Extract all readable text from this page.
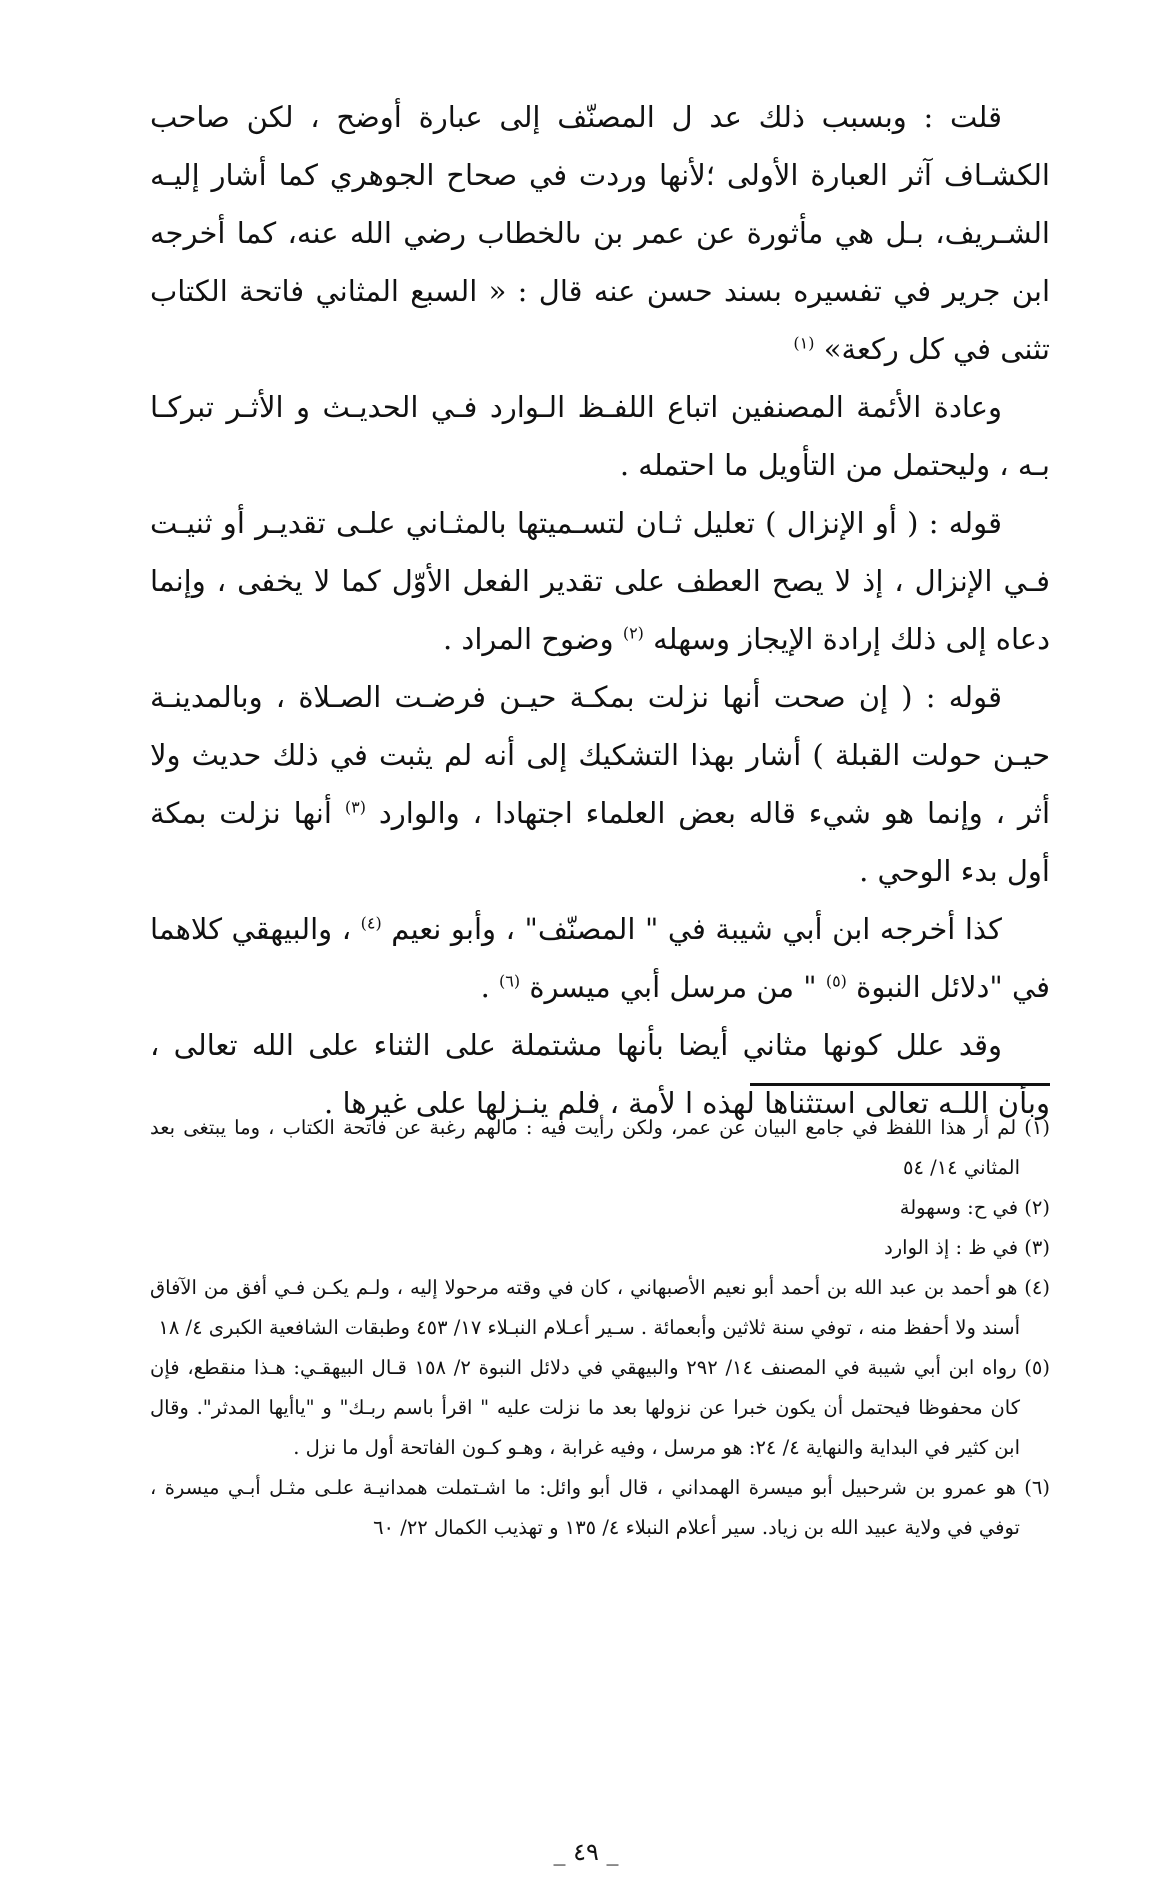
قلت : وبسبب ذلك عد ل المصنّف إلى عبارة أوضح ، لكن صاحب الكشـاف آثر العبارة الأولى ؛لأنها وردت في صحاح الجوهري كما أشار إليـه الشـريف، بـل هي مأثورة عن عمر بن ىالخطاب رضي الله عنه، كما أخرجه ابن جرير في تفسيره بسند حسن عنه قال : « السبع المثاني فاتحة الكتاب تثنى في كل ركعة» $^{(١)}$

وعادة الأئمة المصنفين اتباع اللفـظ الـوارد فـي الحديـث و الأثـر تبركـا بـه ، وليحتمل من التأويل ما احتمله .

قوله : ( أو الإنزال ) تعليل ثـان لتسـميتها بالمثـاني علـى تقديـر أو ثنيـت فـي الإنزال ، إذ لا يصح العطف على تقدير الفعل الأوّل كما لا يخفى ، وإنما دعاه إلى ذلك إرادة الإيجاز وسهله $^{(٢)}$ وضوح المراد .

قوله : ( إن صحت أنها نزلت بمكـة حيـن فرضـت الصـلاة ، وبالمدينـة حيـن حولت القبلة ) أشار بهذا التشكيك إلى أنه لم يثبت في ذلك حديث ولا أثر ، وإنما هو شيء قاله بعض العلماء اجتهادا ، والوارد $^{(٣)}$ أنها نزلت بمكة أول بدء الوحي .

كذا أخرجه ابن أبي شيبة في " المصنّف" ، وأبو نعيم $^{(٤)}$ ، والبيهقي كلاهما في "دلائل النبوة $^{(٥)}$ " من مرسل أبي ميسرة $^{(٦)}$ .

وقد علل كونها مثاني أيضا بأنها مشتملة على الثناء على الله تعالى ، وبأن اللـه تعالى استثناها لهذه ا لأمة ، فلم ينـزلها على غيرها .

(١) لم أر هذا اللفظ في جامع البيان عن عمر، ولكن رأيت فيه : مالهم رغبة عن فاتحة الكتاب ، وما يبتغى بعد المثاني ١٤/ ٥٤

(٢) في ح: وسهولة

(٣) في ظ : إذ الوارد

(٤) هو أحمد بن عبد الله بن أحمد أبو نعيم الأصبهاني ، كان في وقته مرحولا إليه ، ولـم يكـن فـي أفق من الآفاق أسند ولا أحفظ منه ، توفي سنة ثلاثين وأبعمائة . سـير أعـلام النبـلاء ١٧/ ٤٥٣ وطبقات الشافعية الكبرى ٤/ ١٨

(٥) رواه ابن أبي شيبة في المصنف ١٤/ ٢٩٢ والبيهقي في دلائل النبوة ٢/ ١٥٨ قـال البيهقـي: هـذا منقطع، فإن كان محفوظا فيحتمل أن يكون خبرا عن نزولها بعد ما نزلت عليه " اقرأ باسم ربـك" و "ياأيها المدثر". وقال ابن كثير في البداية والنهاية ٤/ ٢٤: هو مرسل ، وفيه غرابة ، وهـو كـون الفاتحة أول ما نزل .

(٦) هو عمرو بن شرحبيل أبو ميسرة الهمداني ، قال أبو وائل: ما اشـتملت همدانيـة علـى مثـل أبـي ميسرة ، توفي في ولاية عبيد الله بن زياد. سير أعلام النبلاء ٤/ ١٣٥ و تهذيب الكمال ٢٢/ ٦٠

_ ٤٩ _
